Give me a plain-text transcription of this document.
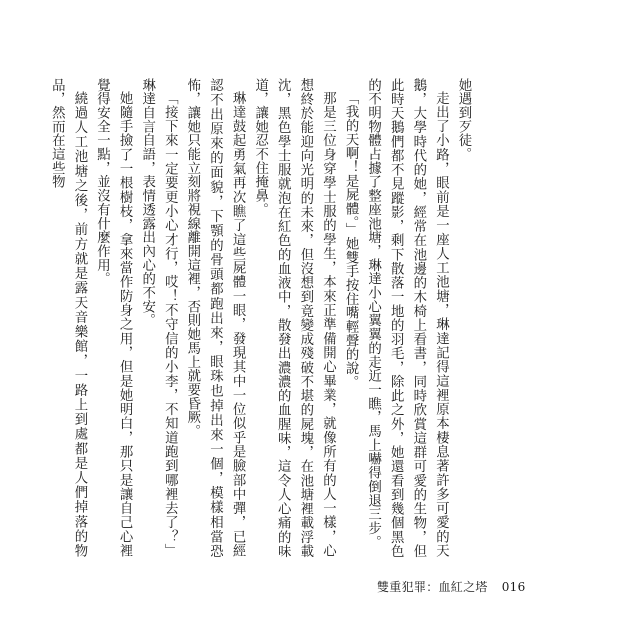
她遇到歹徒。

走出了小路，眼前是一座人工池塘，琳達記得這裡原本棲息著許多可愛的天鵝，大學時代的她，經常在池邊的木椅上看書，同時欣賞這群可愛的生物，但此時天鵝們都不見蹤影，剩下散落一地的羽毛，除此之外，她還看到幾個黑色的不明物體占據了整座池塘，琳達小心翼翼的走近一瞧，馬上嚇得倒退三步。

「我的天啊！是屍體。」她雙手按住嘴輕聲的說。

那是三位身穿學士服的學生，本來正準備開心畢業，就像所有的人一樣，心想終於能迎向光明的未來，但沒想到竟變成殘破不堪的屍塊，在池塘裡載浮載沈，黑色學士服就泡在紅色的血液中，散發出濃濃的血腥味，這令人心痛的味道，讓她忍不住掩鼻。

琳達鼓起勇氣再次瞧了這些屍體一眼，發現其中一位似乎是臉部中彈，已經認不出原來的面貌，下顎的骨頭都跑出來，眼珠也掉出來一個，模樣相當恐怖，讓她只能立刻將視線離開這裡，否則她馬上就要昏厥。

「接下來一定要更小心才行，哎！不守信的小李，不知道跑到哪裡去了？」琳達自言自語，表情透露出內心的不安。

她隨手撿了一根樹枝，拿來當作防身之用，但是她明白，那只是讓自己心裡覺得安全一點，並沒有什麼作用。

繞過人工池塘之後，前方就是露天音樂館，一路上到處都是人們掉落的物品，然而在這些物

雙重犯罪：血紅之塔 016
